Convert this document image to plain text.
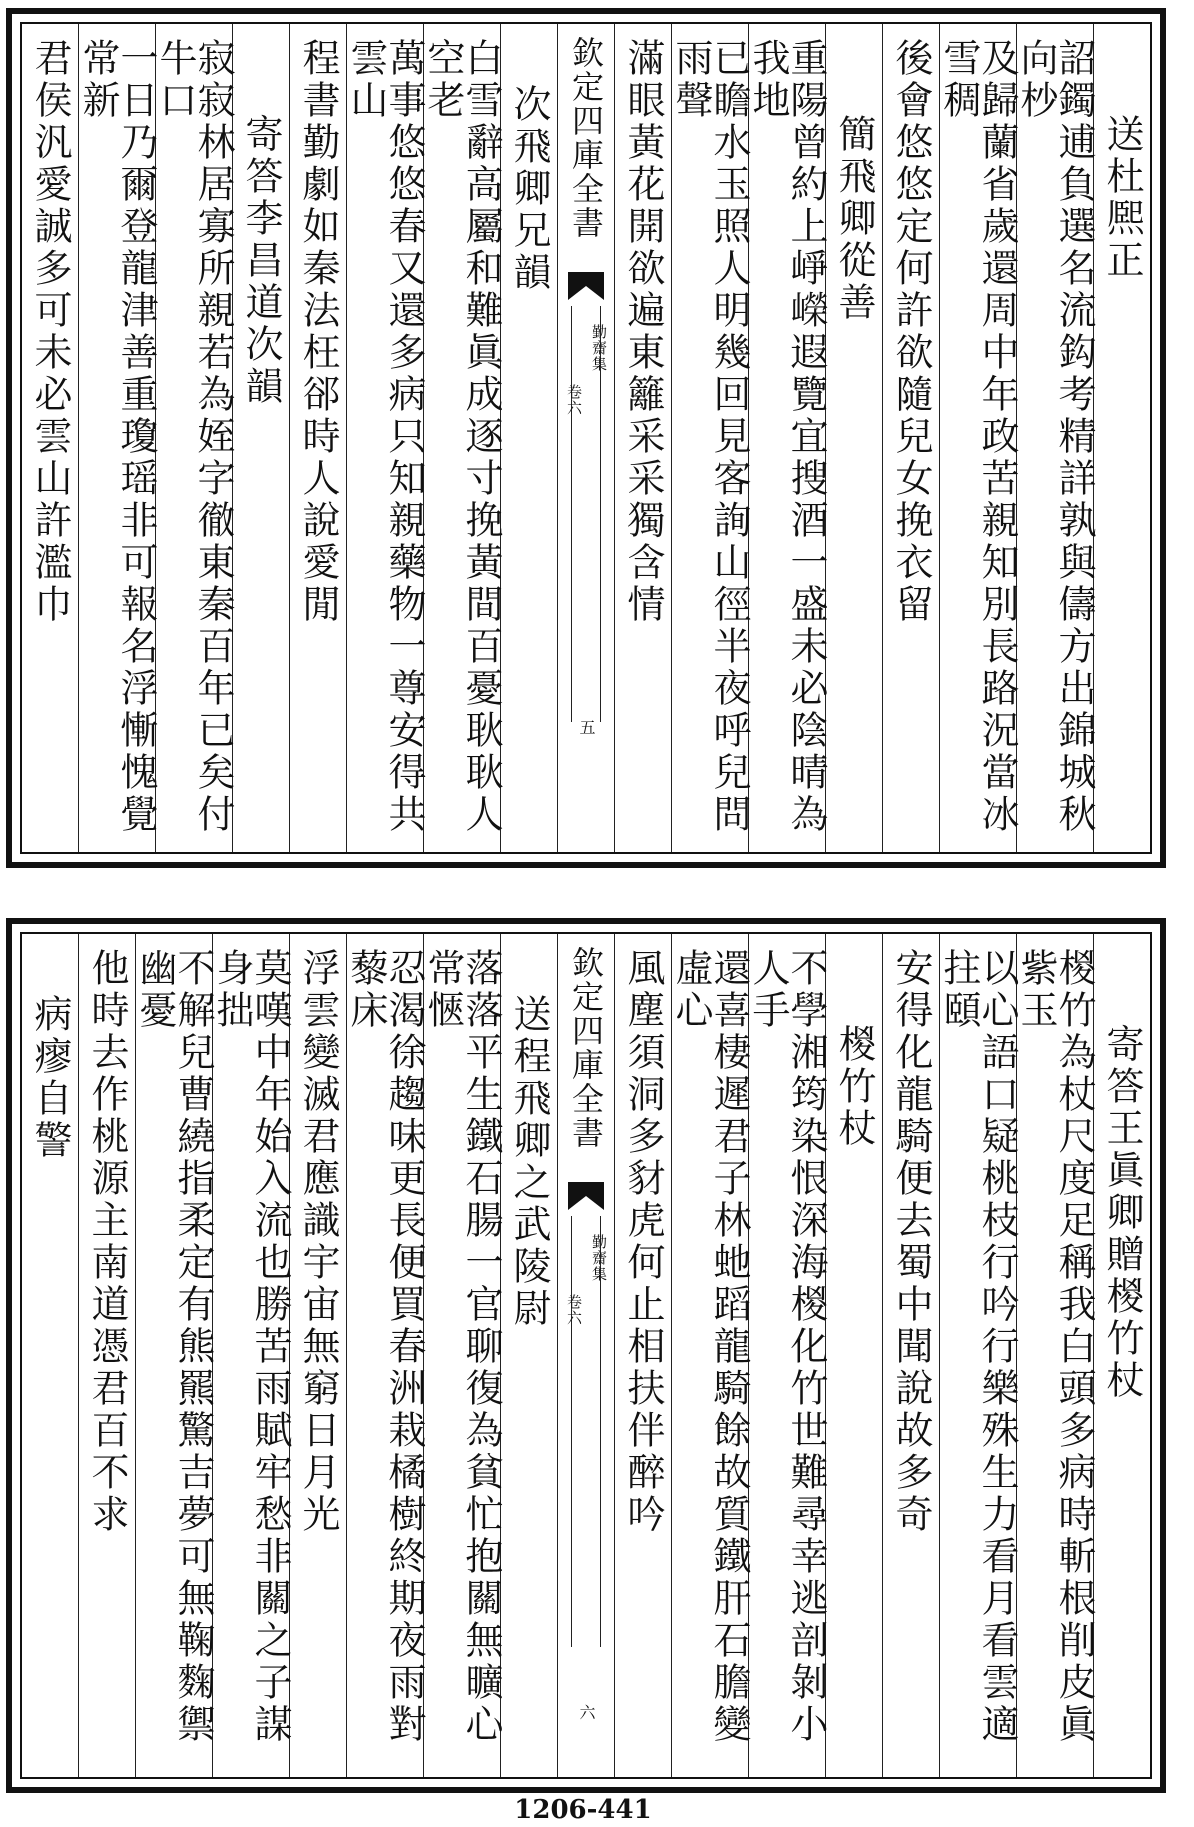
送杜熈正
詔鐲逋負選名流鈎考精詳孰與儔方出錦城秋向杪
及歸蘭省歲還周中年政苦親知別長路況當冰雪稠
後會悠悠定何許欲隨兒女挽衣留
簡飛卿從善
重陽曾約上崢嶸遐覽宜搜酒一盛未必陰晴為我地
已瞻水玉照人明幾回見客詢山徑半夜呼兒問雨聲
滿眼黃花開欲遍東籬采采獨含情
欽定四庫全書
勤齋集
卷六
五
次飛卿兄韻
白雪辭高屬和難眞成逐寸挽黃間百憂耿耿人空老
萬事悠悠春又還多病只知親藥物一尊安得共雲山
程書勤劇如秦法枉郤時人說愛閒
寄答李昌道次韻
寂寂林居寡所親若為姪字徹東秦百年已矣付牛口
一日乃爾登龍津善重瓊瑶非可報名浮慚愧覺常新
君侯汎愛誠多可未必雲山許濫巾
寄答王眞卿贈椶竹杖
椶竹為杖尺度足稱我白頭多病時斬根削皮眞紫玉
以心語口疑桃枝行吟行樂殊生力看月看雲適拄頤
安得化龍騎便去蜀中聞說故多奇
椶竹杖
不學湘筠染恨深海椶化竹世難尋幸逃剖剝小人手
還喜棲遲君子林虵蹈龍騎餘故質鐵肝石膽變虛心
風塵須洞多豺虎何止相扶伴醉吟
欽定四庫全書
勤齋集
卷六
六
送程飛卿之武陵尉
落落平生鐵石腸一官聊復為貧忙抱關無曠心常愜
忍渴徐趨味更長便買春洲栽橘樹終期夜雨對藜床
浮雲變滅君應識宇宙無窮日月光
莫嘆中年始入流也勝苦雨賦牢愁非關之子謀身拙
不解兒曹繞指柔定有熊羆驚吉夢可無鞠麴禦幽憂
他時去作桃源主南道憑君百不求
病瘳自警
1206-441
